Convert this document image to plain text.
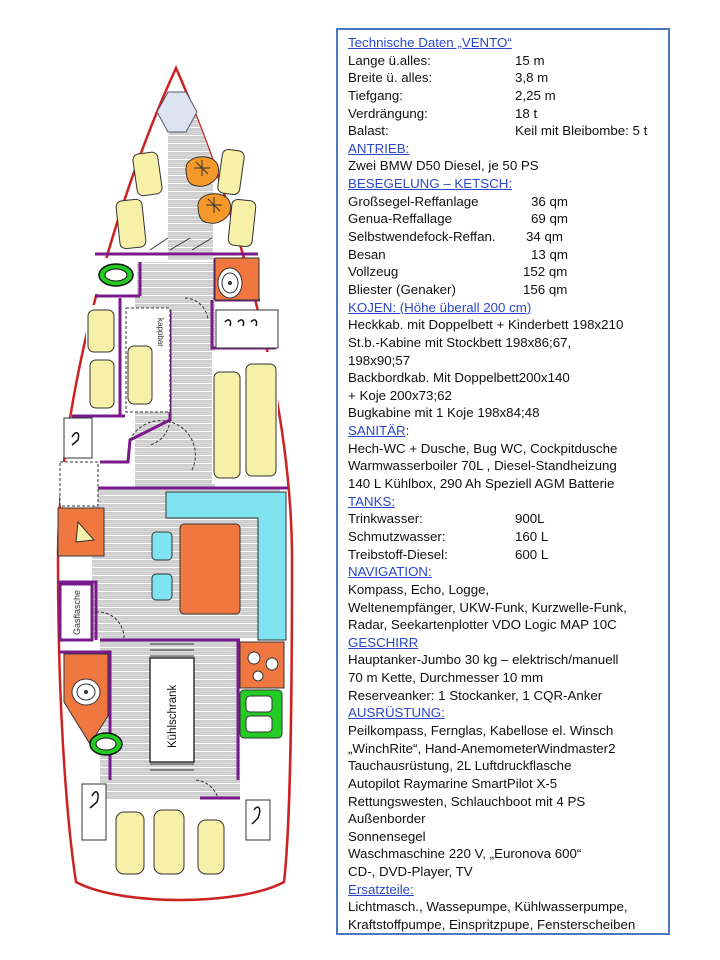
kappbar
Gasflasche
Kühlschrank
Technische Daten „VENTO“
Lange ü.alles:	15 m
Breite ü. alles:	3,8 m
Tiefgang:	2,25 m
Verdrängung:	18 t
Balast:	Keil mit Bleibombe: 5 t
ANTRIEB:
Zwei BMW D50 Diesel, je 50 PS
BESEGELUNG – KETSCH:
Großsegel-Reffanlage	36 qm
Genua-Reffallage	69 qm
Selbstwendefock-Reffan. 34 qm
Besan	13 qm
Vollzeug	152 qm
Bliester (Genaker)	156 qm
KOJEN: (Höhe überall 200 cm)
Heckkab. mit Doppelbett + Kinderbett 198x210
St.b.-Kabine mit Stockbett 198x86;67,
198x90;57
Backbordkab. Mit Doppelbett200x140
+ Koje 200x73;62
Bugkabine mit 1 Koje 198x84;48
SANITÄR:
Hech-WC + Dusche, Bug WC, Cockpitdusche
Warmwasserboiler 70L , Diesel-Standheizung
140 L Kühlbox, 290 Ah Speziell AGM Batterie
TANKS:
Trinkwasser:	900L
Schmutzwasser:	160 L
Treibstoff-Diesel:	600 L
NAVIGATION:
Kompass, Echo, Logge,
Weltenempfänger, UKW-Funk, Kurzwelle-Funk,
Radar, Seekartenplotter VDO Logic MAP 10C
GESCHIRR
Hauptanker-Jumbo 30 kg – elektrisch/manuell
70 m Kette, Durchmesser 10 mm
Reserveanker: 1 Stockanker, 1 CQR-Anker
AUSRÜSTUNG:
Peilkompass, Fernglas, Kabellose el. Winsch
„WinchRite“, Hand-AnemometerWindmaster2
Tauchausrüstung, 2L Luftdruckflasche
Autopilot Raymarine SmartPilot X-5
Rettungswesten, Schlauchboot mit 4 PS
Außenborder
Sonnensegel
Waschmaschine 220 V, „Euronova 600“
CD-, DVD-Player, TV
Ersatzteile:
Lichtmasch., Wassepumpe, Kühlwasserpumpe,
Kraftstoffpumpe, Einspritzpupe, Fensterscheiben
